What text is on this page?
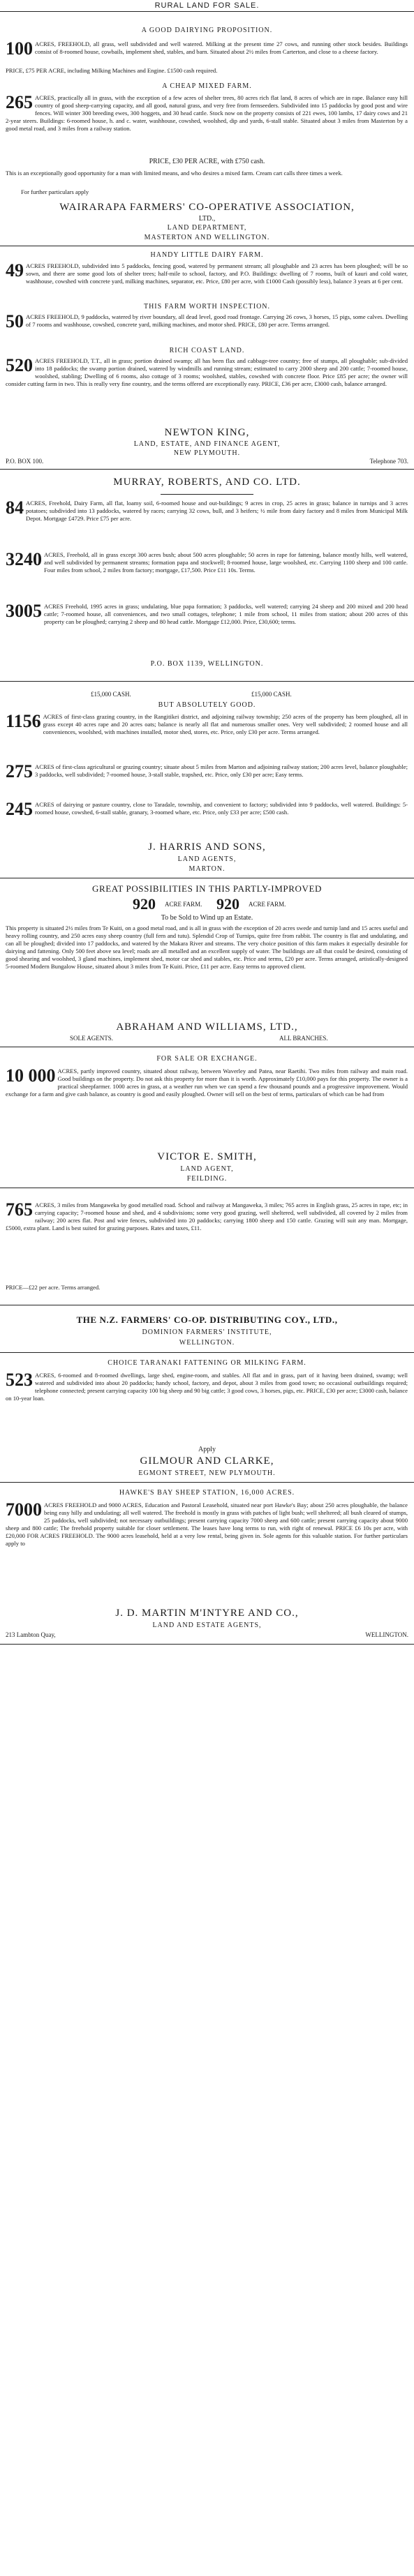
RURAL LAND FOR SALE.
A GOOD DAIRYING PROPOSITION.
100 ACRES, FREEHOLD, all grass, well subdivided and well watered. Milking at the present time 27 cows, and running other stock besides. Buildings consist of 8-roomed house, cowbails, implement shed, stables, and barn. Situated about 2½ miles from Carterton, and close to a cheese factory.
PRICE, £75 PER ACRE, including Milking Machines and Engine. £1500 cash required.
A CHEAP MIXED FARM.
265 ACRES, practically all in grass, with the exception of a few acres of shelter trees, 80 acres rich flat land, 8 acres of which are in rape. Balance easy hill country of good sheep-carrying capacity, and all good, natural grass, and very free from fernseeders. Subdivided into 15 paddocks by good post and wire fences. Will winter 300 breeding ewes, 300 hoggets, and 30 head cattle. Stock now on the property consists of 221 ewes, 100 lambs, 17 dairy cows and 21 2-year steers. Buildings: 6-roomed house, h. and c. water, washhouse, cowshed, woolshed, dip and yards, 6-stall stable. Situated about 3 miles from Masterton by a good metal road, and 3 miles from a railway station.
PRICE, £30 PER ACRE, with £750 cash.
This is an exceptionally good opportunity for a man with limited means, and who desires a mixed farm. Cream cart calls three times a week.
For further particulars apply
WAIRARAPA FARMERS' CO-OPERATIVE ASSOCIATION,
LTD.,
LAND DEPARTMENT,
MASTERTON AND WELLINGTON.
HANDY LITTLE DAIRY FARM.
49 ACRES FREEHOLD, subdivided into 5 paddocks, fencing good, watered by permanent stream; all ploughable and 23 acres has been ploughed; will be so sown, and there are some good lots of shelter trees; half-mile to school, factory, and P.O. Buildings: dwelling of 7 rooms, built of kauri and cold water, washhouse, cowshed with concrete yard, milking machines, separator, etc. Price, £80 per acre, with £1000 Cash (possibly less), balance 3 years at 6 per cent.
THIS FARM WORTH INSPECTION.
50 ACRES FREEHOLD, 9 paddocks, watered by river boundary, all dead level, good road frontage. Carrying 26 cows, 3 horses, 15 pigs, some calves. Dwelling of 7 rooms and washhouse, cowshed, concrete yard, milking machines, and motor shed. PRICE, £80 per acre. Terms arranged.
RICH COAST LAND.
520 ACRES FREEHOLD, T.T., all in grass; portion drained swamp; all has been flax and cabbage-tree country; free of stumps, all ploughable; sub-divided into 18 paddocks; the swamp portion drained, watered by windmills and running stream; estimated to carry 2000 sheep and 200 cattle; 7-roomed house, woolshed, stabling; Dwelling of 6 rooms, also cottage of 3 rooms; woolshed, stables, cowshed with concrete floor. Price £85 per acre; the owner will consider cutting farm in two. This is really very fine country, and the terms offered are exceptionally easy. PRICE, £36 per acre, £3000 cash, balance arranged.
NEWTON KING,
LAND, ESTATE, AND FINANCE AGENT,
NEW PLYMOUTH.
P.O. BOX 100.	Telephone 703.
MURRAY, ROBERTS, AND CO. LTD.
84 ACRES, Freehold, Dairy Farm, all flat, loamy soil, 6-roomed house and out-buildings; 9 acres in crop, 25 acres in grass; balance in turnips and 3 acres potatoes; subdivided into 13 paddocks, watered by races; carrying 32 cows, bull, and 3 heifers; ½ mile from dairy factory and 8 miles from Municipal Milk Depot. Mortgage £4729. Price £75 per acre.
3240 ACRES, Freehold, all in grass except 300 acres bush; about 500 acres ploughable; 50 acres in rape for fattening, balance mostly hills, well watered, and well subdivided by permanent streams; formation papa and stockwell; 8-roomed house, large woolshed, etc. Carrying 1100 sheep and 100 cattle. Four miles from school, 2 miles from factory; mortgage, £17,500. Price £11 10s. Terms.
3005 ACRES Freehold, 1995 acres in grass; undulating, blue papa formation; 3 paddocks, well watered; carrying 24 sheep and 200 mixed and 200 head cattle; 7-roomed house, all conveniences, and two small cottages, telephone; 1 mile from school, 11 miles from station; about 200 acres of this property can be ploughed; carrying 2 sheep and 80 head cattle. Mortgage £12,000. Price, £30,600; terms.
P.O. BOX 1139, WELLINGTON.
£15,000 CASH.	£15,000 CASH.
BUT ABSOLUTELY GOOD.
1156 ACRES of first-class grazing country, in the Rangitikei district, and adjoining railway township; 250 acres of the property has been ploughed, all in grass except 40 acres rape and 20 acres oats; balance is nearly all flat and numerous smaller ones. Very well subdivided; 2 roomed house and all conveniences, woolshed, with machines installed, motor shed, stores, etc. Price, only £30 per acre. Terms arranged.
275 ACRES of first-class agricultural or grazing country; situate about 5 miles from Marton and adjoining railway station; 200 acres level, balance ploughable; 3 paddocks, well subdivided; 7-roomed house, 3-stall stable, trapshed, etc. Price, only £30 per acre; Easy terms.
245 ACRES of dairying or pasture country, close to Taradale, township, and convenient to factory; subdivided into 9 paddocks, well watered. Buildings: 5-roomed house, cowshed, 6-stall stable, granary, 3-roomed whare, etc. Price, only £33 per acre; £500 cash.
J. HARRIS AND SONS,
LAND AGENTS,
MARTON.
GREAT POSSIBILITIES IN THIS PARTLY-IMPROVED
920 ACRE FARM. 920 ACRE FARM.
To be Sold to Wind up an Estate.
This property is situated 2½ miles from Te Kuiti, on a good metal road, and is all in grass with the exception of 20 acres swede and turnip land and 15 acres useful and heavy rolling country, and 250 acres easy sheep country (full fern and tutu). Splendid Crop of Turnips, quite free from rabbit. The country is flat and undulating, and can all be ploughed; divided into 17 paddocks, and watered by the Makara River and streams. The very choice position of this farm makes it especially desirable for dairying and fattening. Only 500 feet above sea level; roads are all metalled and an excellent supply of water. The buildings are all that could be desired, consisting of good shearing and woolshed, 3 gland machines, implement shed, motor car shed and stables, etc. Price and terms, £20 per acre. Terms arranged, artistically-designed 5-roomed Modern Bungalow House, situated about 3 miles from Te Kuiti. Price, £11 per acre. Easy terms to approved client.
ABRAHAM AND WILLIAMS, LTD.,
SOLE AGENTS.	ALL BRANCHES.
FOR SALE OR EXCHANGE.
10 000 ACRES, partly improved country, situated about railway, between Waverley and Patea, near Raetihi. Two miles from railway and main road. Good buildings on the property. Do not ask this property for more than it is worth. Approximately £10,000 pays for this property. The owner is a practical sheepfarmer. 1000 acres in grass, at a weather run when we can spend a few thousand pounds and a progressive improvement. Would exchange for a farm and give cash balance, as country is good and easily ploughed. Owner will sell on the best of terms, particulars of which can be had from
VICTOR E. SMITH,
LAND AGENT,
FEILDING.
765 ACRES, 3 miles from Mangaweka by good metalled road. School and railway at Mangaweka, 3 miles; 765 acres in English grass, 25 acres in rape, etc; in carrying capacity; 7-roomed house and shed, and 4 subdivisions; some very good grazing, well sheltered, well subdivided, all covered by 2 miles from railway; 200 acres flat. Post and wire fences, subdivided into 20 paddocks; carrying 1800 sheep and 150 cattle. Grazing will suit any man. Mortgage, £5000, extra plant. Land is best suited for grazing purposes. Rates and taxes, £11.
PRICE—£22 per acre. Terms arranged.
THE N.Z. FARMERS' CO-OP. DISTRIBUTING COY., LTD.,
DOMINION FARMERS' INSTITUTE,
WELLINGTON.
CHOICE TARANAKI FATTENING OR MILKING FARM.
523 ACRES, 6-roomed and 8-roomed dwellings, large shed, engine-room, and stables. All flat and in grass, part of it having been drained, swamp; well watered and subdivided into about 20 paddocks; handy school, factory, and depot, about 3 miles from good town; no occasional outbuildings required; telephone connected; present carrying capacity 100 big sheep and 90 big cattle; 3 good cows, 3 horses, pigs, etc. PRICE, £30 per acre; £3000 cash, balance on 10-year loan.
Apply
GILMOUR AND CLARKE,
EGMONT STREET, NEW PLYMOUTH.
HAWKE'S BAY SHEEP STATION, 16,000 ACRES.
7000 ACRES FREEHOLD and 9000 ACRES, Education and Pastoral Leasehold, situated near port Hawke's Bay; about 250 acres ploughable, the balance being easy hilly and undulating; all well watered. The freehold is mostly in grass with patches of light bush; well sheltered; all bush cleared of stumps, 25 paddocks, well subdivided; not necessary outbuildings; present carrying capacity 7000 sheep and 600 cattle; present carrying capacity about 9000 sheep and 800 cattle; The freehold property suitable for closer settlement. The leases have long terms to run, with right of renewal. PRICE £6 10s per acre, with £20,000 FOR ACRES FREEHOLD. The 9000 acres leasehold, held at a very low rental, being given in. Sole agents for this valuable station. For further particulars apply to
J. D. MARTIN M'INTYRE AND CO.,
LAND AND ESTATE AGENTS,
213 Lambton Quay,	WELLINGTON.
